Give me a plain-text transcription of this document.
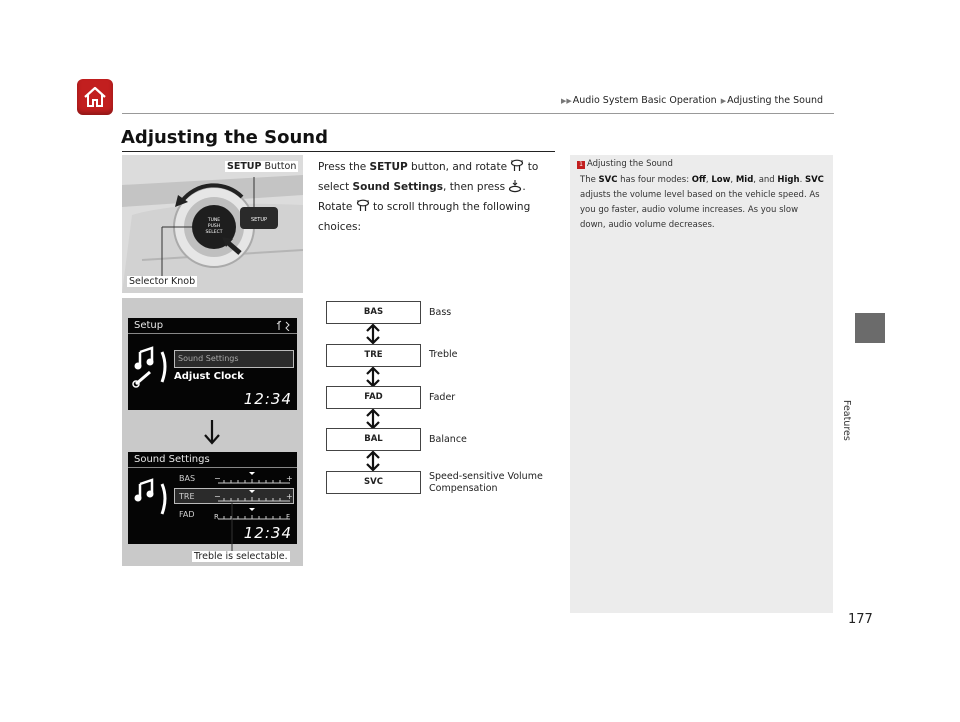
▶▶Audio System Basic Operation ▶Adjusting the Sound
Adjusting the Sound
Features
Press the SETUP button, and rotate  to select Sound Settings, then press . Rotate  to scroll through the following choices:
TUNE
PUSH
SELECT
SETUP
SETUP Button
Selector Knob
Setup
Sound Settings
Adjust Clock
12:34
Sound Settings
BAS
TRE
FAD
−	+
−	+
R	F
12:34
Treble is selectable.
BAS	Bass
TRE	Treble
FAD	Fader
BAL	Balance
SVC	Speed-sensitive Volume Compensation
1 Adjusting the Sound
The SVC has four modes: Off, Low, Mid, and High. SVC adjusts the volume level based on the vehicle speed. As you go faster, audio volume increases. As you slow down, audio volume decreases.
177
